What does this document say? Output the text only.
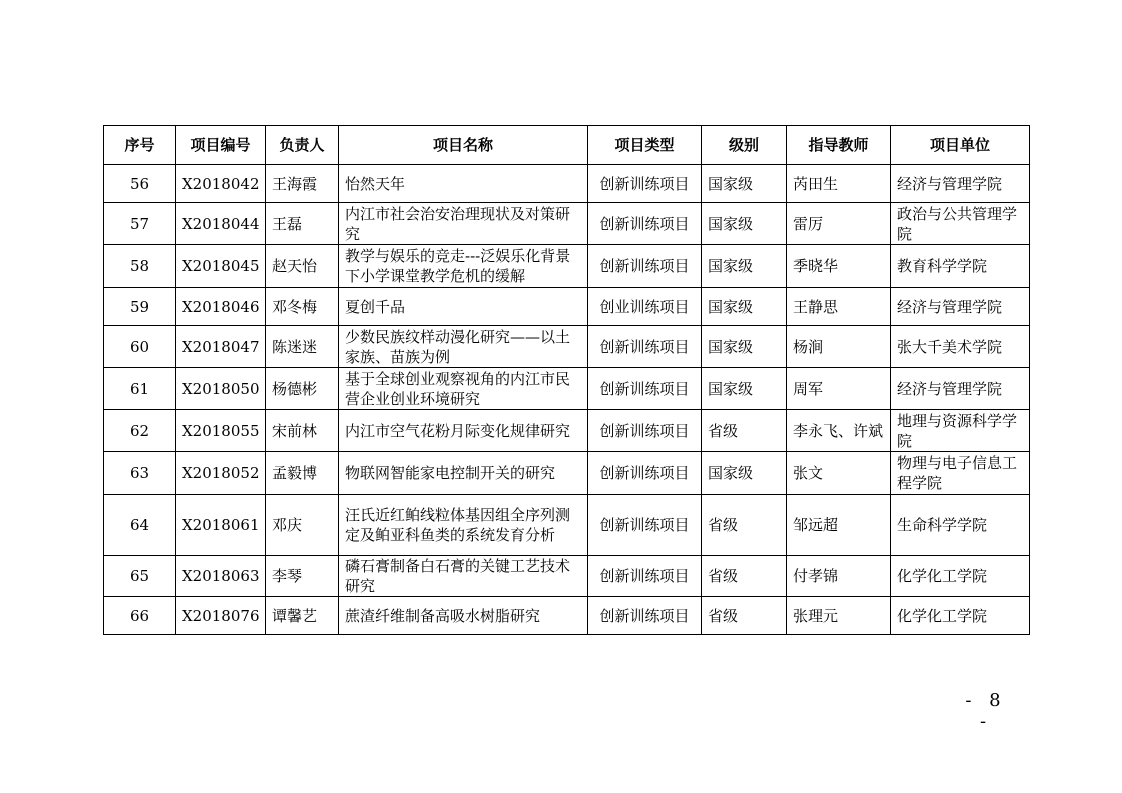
序号	项目编号	负责人	项目名称	项目类型	级别	指导教师	项目单位
56	X2018042	王海霞	怡然天年	创新训练项目	国家级	芮田生	经济与管理学院
57	X2018044	王磊	内江市社会治安治理现状及对策研究	创新训练项目	国家级	雷厉	政治与公共管理学院
58	X2018045	赵天怡	教学与娱乐的竞走---泛娱乐化背景下小学课堂教学危机的缓解	创新训练项目	国家级	季晓华	教育科学学院
59	X2018046	邓冬梅	夏创千品	创业训练项目	国家级	王静思	经济与管理学院
60	X2018047	陈迷迷	少数民族纹样动漫化研究——以土家族、苗族为例	创新训练项目	国家级	杨涧	张大千美术学院
61	X2018050	杨德彬	基于全球创业观察视角的内江市民营企业创业环境研究	创新训练项目	国家级	周军	经济与管理学院
62	X2018055	宋前林	内江市空气花粉月际变化规律研究	创新训练项目	省级	李永飞、许斌	地理与资源科学学院
63	X2018052	孟毅博	物联网智能家电控制开关的研究	创新训练项目	国家级	张文	物理与电子信息工程学院
64	X2018061	邓庆	汪氏近红鲌线粒体基因组全序列测定及鲌亚科鱼类的系统发育分析	创新训练项目	省级	邹远超	生命科学学院
65	X2018063	李琴	磷石膏制备白石膏的关键工艺技术研究	创新训练项目	省级	付孝锦	化学化工学院
66	X2018076	谭馨艺	蔗渣纤维制备高吸水树脂研究	创新训练项目	省级	张理元	化学化工学院
- 8 -
